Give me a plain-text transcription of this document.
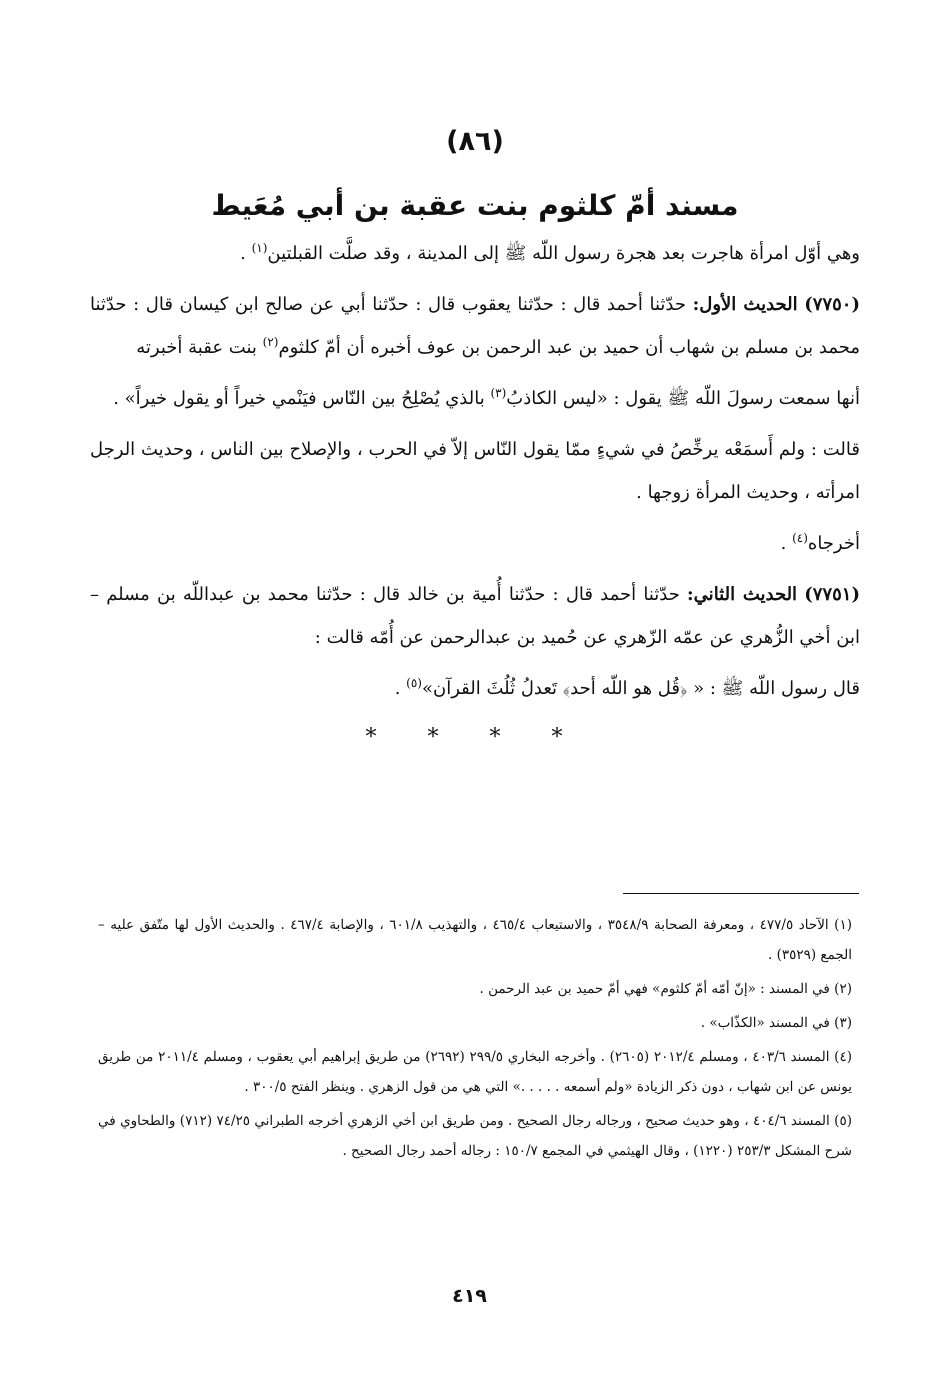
(٨٦)
مسند أمّ كلثوم بنت عقبة بن أبي مُعَيط

وهي أوّل امرأة هاجرت بعد هجرة رسول اللّه ﷺ إلى المدينة ، وقد صلَّت القبلتين$^{(١)}$ .

(٧٧٥٠) الحديث الأول: حدّثنا أحمد قال : حدّثنا يعقوب قال : حدّثنا أبي عن صالح ابن كيسان قال : حدّثنا محمد بن مسلم بن شهاب أن حميد بن عبد الرحمن بن عوف أخبره أن أمّ كلثوم$^{(٢)}$ بنت عقبة أخبرته

أنها سمعت رسولَ اللّه ﷺ يقول : «ليس الكاذبُ$^{(٣)}$ بالذي يُصْلِحُ بين النّاس فيَنْمي خيراً أو يقول خيراً» .

قالت : ولم أَسمَعْه يرخِّصُ في شيءٍ ممّا يقول النّاس إلاّ في الحرب ، والإصلاح بين الناس ، وحديث الرجل امرأته ، وحديث المرأة زوجها .

أخرجاه$^{(٤)}$ .

(٧٧٥١) الحديث الثاني: حدّثنا أحمد قال : حدّثنا أُمية بن خالد قال : حدّثنا محمد بن عبداللّه بن مسلم – ابن أخي الزُّهري عن عمّه الزّهري عن حُميد بن عبدالرحمن عن أُمّه قالت :

قال رسول اللّه ﷺ : « ﴿قُل هو اللّه أحد﴾ تَعدلُ ثُلُثَ القرآن»$^{(٥)}$ .

* * * *

(١) الآحاد ٤٧٧/٥ ، ومعرفة الصحابة ٣٥٤٨/٩ ، والاستيعاب ٤٦٥/٤ ، والتهذيب ٦٠١/٨ ، والإصابة ٤٦٧/٤ . والحديث الأول لها متّفق عليه – الجمع (٣٥٢٩) .

(٢) في المسند : «إنّ أمّه أمّ كلثوم» فهي أمّ حميد بن عبد الرحمن .

(٣) في المسند «الكذّاب» .

(٤) المسند ٤٠٣/٦ ، ومسلم ٢٠١٢/٤ (٢٦٠٥) . وأخرجه البخاري ٢٩٩/٥ (٢٦٩٢) من طريق إبراهيم أبي يعقوب ، ومسلم ٢٠١١/٤ من طريق يونس عن ابن شهاب ، دون ذكر الزيادة «ولم أسمعه . . . . .» التي هي من قول الزهري . وينظر الفتح ٣٠٠/٥ .

(٥) المسند ٤٠٤/٦ ، وهو حديث صحيح ، ورجاله رجال الصحيح . ومن طريق ابن أخي الزهري أخرجه الطبراني ٧٤/٢٥ (٧١٢) والطحاوي في شرح المشكل ٢٥٣/٣ (١٢٢٠) ، وقال الهيثمي في المجمع ١٥٠/٧ : رجاله أحمد رجال الصحيح .

٤١٩
